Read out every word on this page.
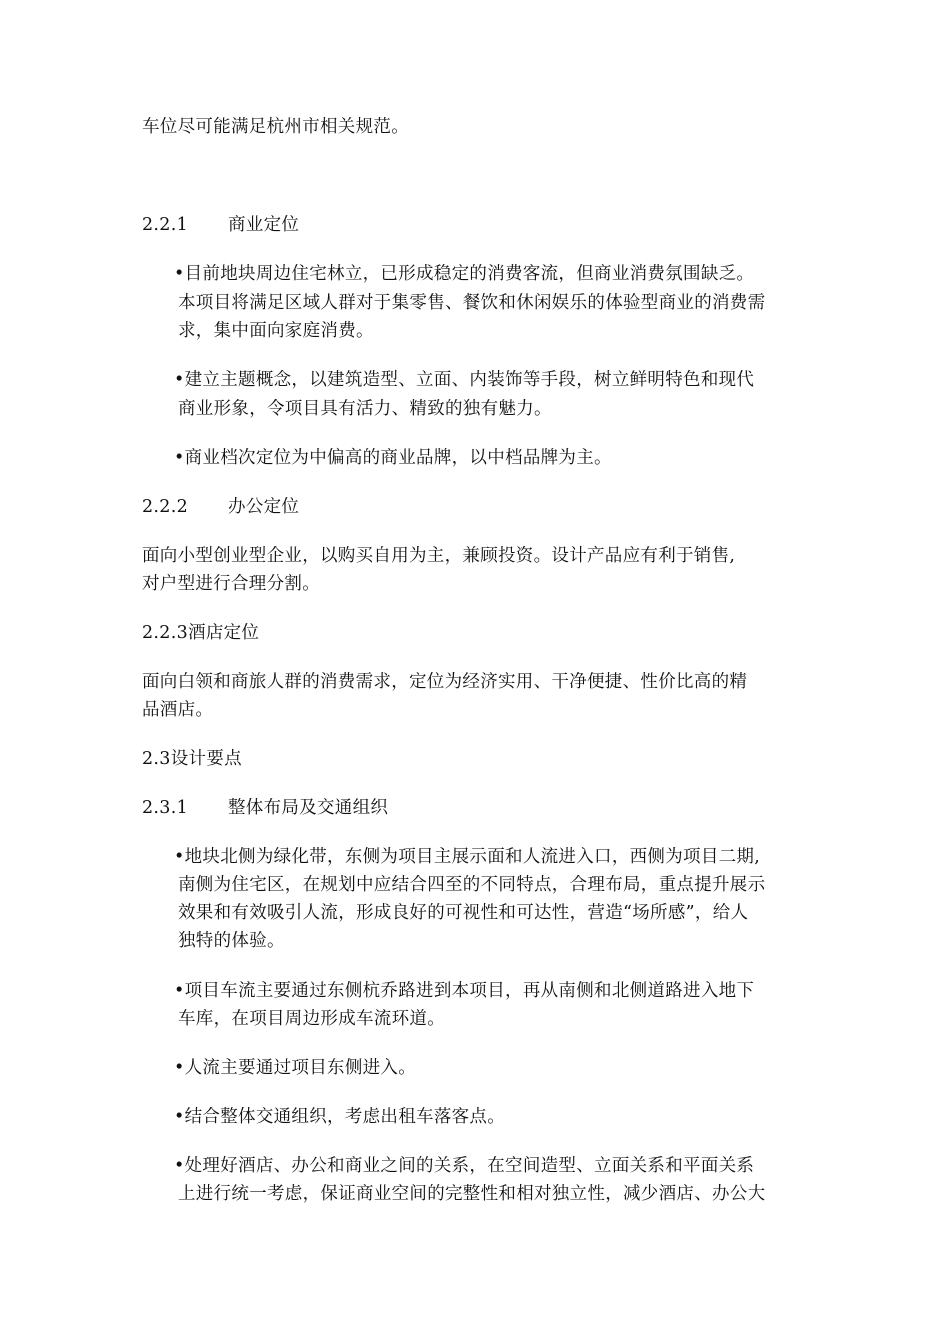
车位尽可能满足杭州市相关规范。
2.2.1 商业定位
•目前地块周边住宅林立，已形成稳定的消费客流，但商业消费氛围缺乏。
本项目将满足区域人群对于集零售、餐饮和休闲娱乐的体验型商业的消费需
求，集中面向家庭消费。
•建立主题概念，以建筑造型、立面、内装饰等手段，树立鲜明特色和现代
商业形象，令项目具有活力、精致的独有魅力。
•商业档次定位为中偏高的商业品牌，以中档品牌为主。
2.2.2 办公定位
面向小型创业型企业，以购买自用为主，兼顾投资。设计产品应有利于销售,
对户型进行合理分割。
2.2.3酒店定位
面向白领和商旅人群的消费需求，定位为经济实用、干净便捷、性价比高的精
品酒店。
2.3设计要点
2.3.1 整体布局及交通组织
•地块北侧为绿化带，东侧为项目主展示面和人流进入口，西侧为项目二期,
南侧为住宅区，在规划中应结合四至的不同特点，合理布局，重点提升展示
效果和有效吸引人流，形成良好的可视性和可达性，营造“场所感”，给人
独特的体验。
•项目车流主要通过东侧杭乔路进到本项目，再从南侧和北侧道路进入地下
车库，在项目周边形成车流环道。
•人流主要通过项目东侧进入。
•结合整体交通组织，考虑出租车落客点。
•处理好酒店、办公和商业之间的关系，在空间造型、立面关系和平面关系
上进行统一考虑，保证商业空间的完整性和相对独立性，减少酒店、办公大
